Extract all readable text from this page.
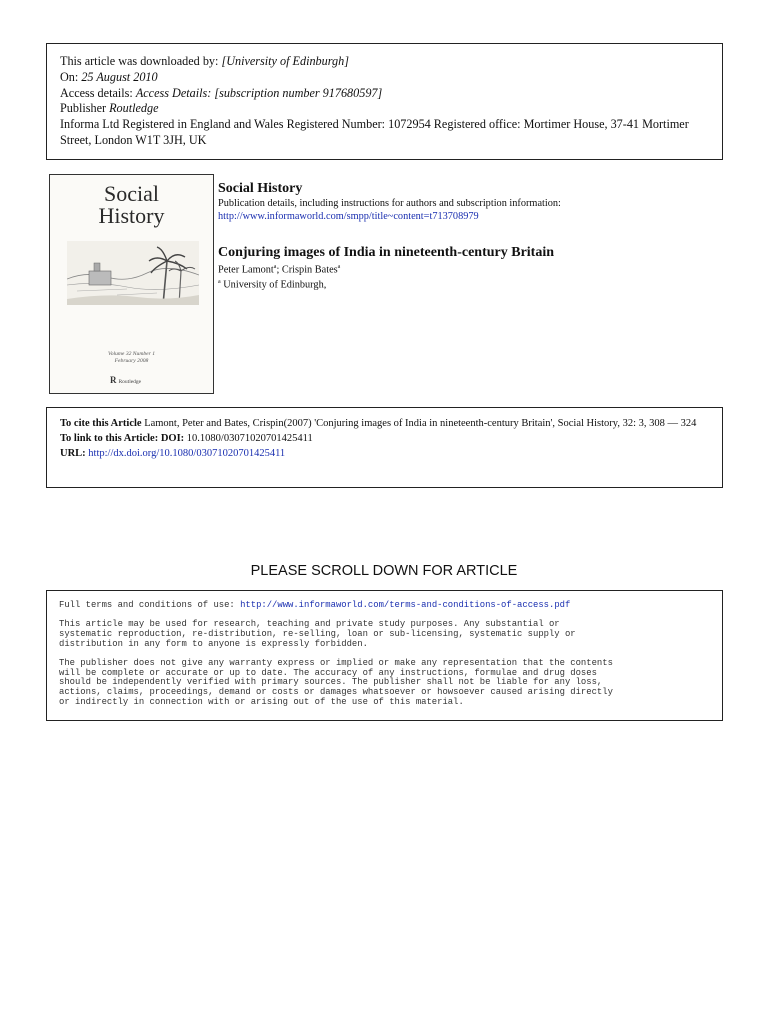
This article was downloaded by: [University of Edinburgh]
On: 25 August 2010
Access details: Access Details: [subscription number 917680597]
Publisher Routledge
Informa Ltd Registered in England and Wales Registered Number: 1072954 Registered office: Mortimer House, 37-41 Mortimer Street, London W1T 3JH, UK
Social
History
Volume 32 Number 1
February 2008
R Routledge
Social History
Publication details, including instructions for authors and subscription information:
http://www.informaworld.com/smpp/title~content=t713708979
Conjuring images of India in nineteenth-century Britain
Peter Lamont$^a$; Crispin Bates$^a$
$^a$ University of Edinburgh,
To cite this Article Lamont, Peter and Bates, Crispin(2007) 'Conjuring images of India in nineteenth-century Britain', Social History, 32: 3, 308 — 324
To link to this Article: DOI: 10.1080/03071020701425411
URL: http://dx.doi.org/10.1080/03071020701425411
PLEASE SCROLL DOWN FOR ARTICLE

Full terms and conditions of use: http://www.informaworld.com/terms-and-conditions-of-access.pdf

This article may be used for research, teaching and private study purposes. Any substantial or
systematic reproduction, re-distribution, re-selling, loan or sub-licensing, systematic supply or
distribution in any form to anyone is expressly forbidden.

The publisher does not give any warranty express or implied or make any representation that the contents
will be complete or accurate or up to date. The accuracy of any instructions, formulae and drug doses
should be independently verified with primary sources. The publisher shall not be liable for any loss,
actions, claims, proceedings, demand or costs or damages whatsoever or howsoever caused arising directly
or indirectly in connection with or arising out of the use of this material.
